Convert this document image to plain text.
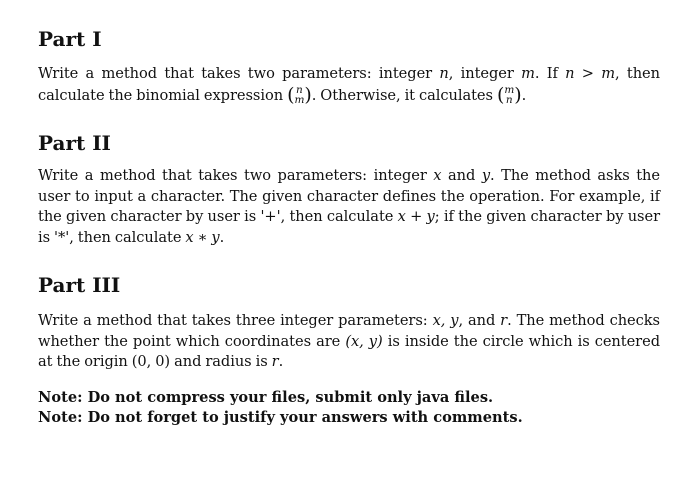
Part I

Write a method that takes two parameters: integer n, integer m. If n > m, then calculate the binomial expression ( n
m ). Otherwise, it calculates ( m
n ).

Part II

Write a method that takes two parameters: integer x and y. The method asks the user to input a character. The given character defines the operation. For example, if the given character by user is '+', then calculate x + y; if the given character by user is '*', then calculate x ∗ y.

Part III

Write a method that takes three integer parameters: x, y, and r. The method checks whether the point which coordinates are (x, y) is inside the circle which is centered at the origin (0, 0) and radius is r.

Note: Do not compress your files, submit only java files.
Note: Do not forget to justify your answers with comments.
